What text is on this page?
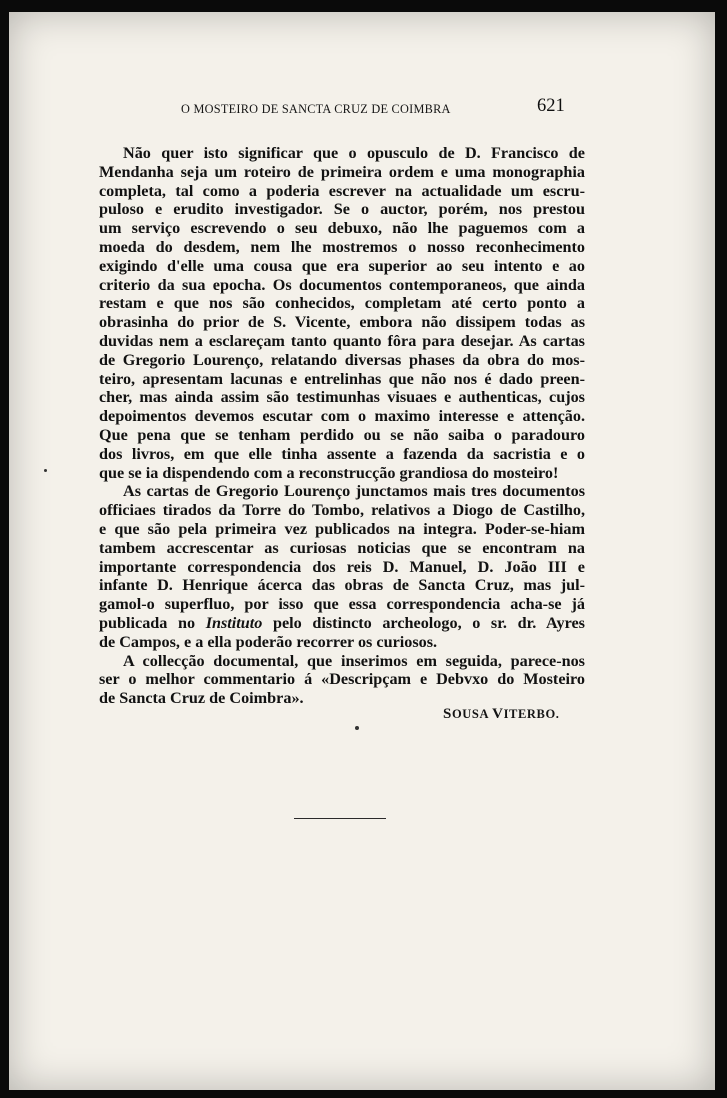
O MOSTEIRO DE SANCTA CRUZ DE COIMBRA	621
Não quer isto significar que o opusculo de D. Francisco de
Mendanha seja um roteiro de primeira ordem e uma monographia
completa, tal como a poderia escrever na actualidade um escru-
puloso e erudito investigador. Se o auctor, porém, nos prestou
um serviço escrevendo o seu debuxo, não lhe paguemos com a
moeda do desdem, nem lhe mostremos o nosso reconhecimento
exigindo d'elle uma cousa que era superior ao seu intento e ao
criterio da sua epocha. Os documentos contemporaneos, que ainda
restam e que nos são conhecidos, completam até certo ponto a
obrasinha do prior de S. Vicente, embora não dissipem todas as
duvidas nem a esclareçam tanto quanto fôra para desejar. As cartas
de Gregorio Lourenço, relatando diversas phases da obra do mos-
teiro, apresentam lacunas e entrelinhas que não nos é dado preen-
cher, mas ainda assim são testimunhas visuaes e authenticas, cujos
depoimentos devemos escutar com o maximo interesse e attenção.
Que pena que se tenham perdido ou se não saiba o paradouro
dos livros, em que elle tinha assente a fazenda da sacristia e o
que se ia dispendendo com a reconstrucção grandiosa do mosteiro!
As cartas de Gregorio Lourenço junctamos mais tres documentos
officiaes tirados da Torre do Tombo, relativos a Diogo de Castilho,
e que são pela primeira vez publicados na integra. Poder-se-hiam
tambem accrescentar as curiosas noticias que se encontram na
importante correspondencia dos reis D. Manuel, D. João III e
infante D. Henrique ácerca das obras de Sancta Cruz, mas jul-
gamol-o superfluo, por isso que essa correspondencia acha-se já
publicada no Instituto pelo distincto archeologo, o sr. dr. Ayres
de Campos, e a ella poderão recorrer os curiosos.
A collecção documental, que inserimos em seguida, parece-nos
ser o melhor commentario á «Descripçam e Debvxo do Mosteiro
de Sancta Cruz de Coimbra».
SOUSA VITERBO.
